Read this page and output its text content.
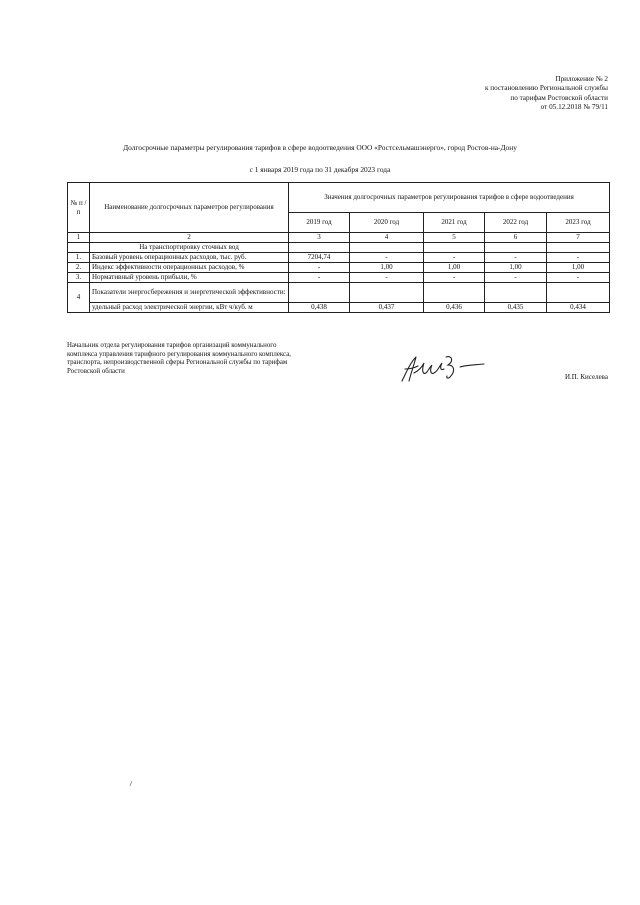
Приложение № 2
к постановлению Региональной службы
по тарифам Ростовской области
от 05.12.2018 № 79/11
Долгосрочные параметры регулирования тарифов в сфере водоотведения ООО «Ростсельмашэнерго», город Ростов-на-Дону
с 1 января 2019 года по 31 декабря 2023 года
№ п /п	Наименование долгосрочных параметров регулирования	Значения долгосрочных параметров регулирования тарифов в сфере водоотведения				
		2019 год	2020 год	2021 год	2022 год	2023 год
1	2	3	4	5	6	7
	На транспортировку сточных вод					
1.	Базовый уровень операционных расходов, тыс. руб.	7204,74	-	-	-	-
2.	Индекс эффективности операционных расходов, %	-	1,00	1,00	1,00	1,00
3.	Нормативный уровень прибыли, %	-	-	-	-	-
4	Показатели энергосбережения и энергетической эффективности:					
	удельный расход электрической энергии, кВт ч/куб. м	0,438	0,437	0,436	0,435	0,434
Начальник отдела регулирования тарифов организаций коммунального
комплекса управления тарифного регулирования коммунального комплекса,
транспорта, непроизводственной сферы Региональной службы по тарифам
Ростовской области
И.П. Киселева
